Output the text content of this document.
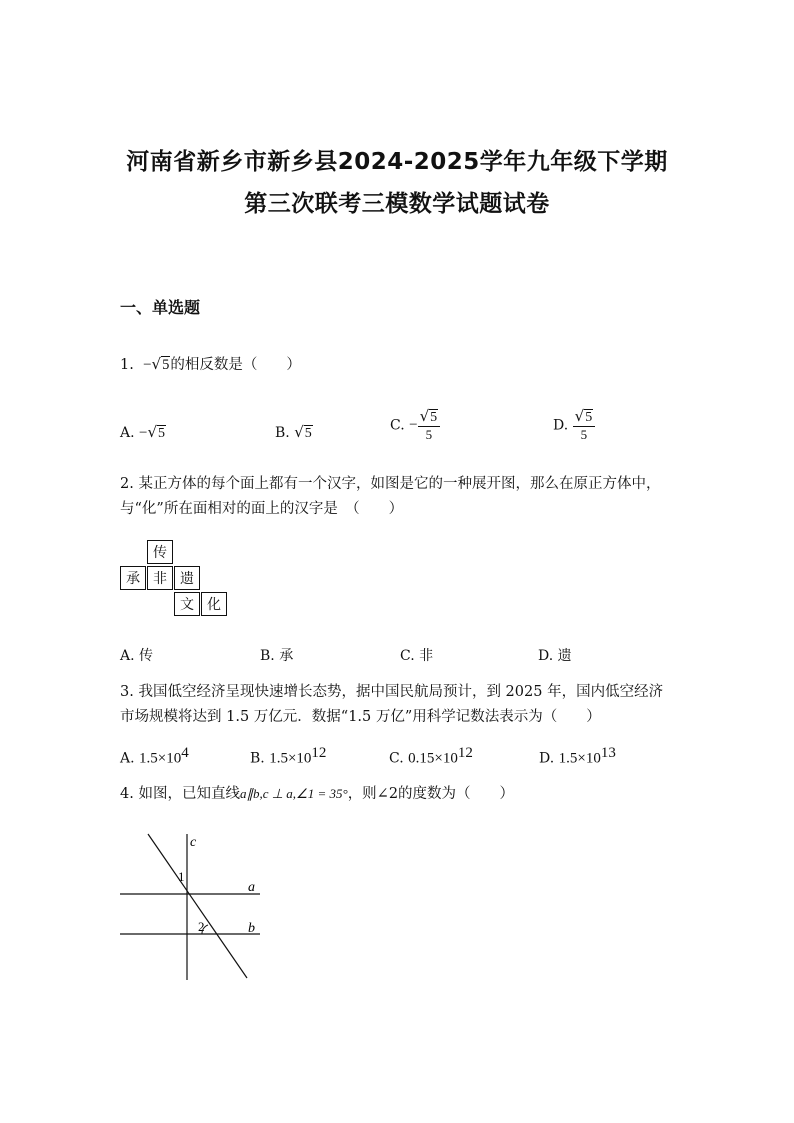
河南省新乡市新乡县2024-2025学年九年级下学期
第三次联考三模数学试题试卷
一、单选题
1. −√5的相反数是（　　）
A. −√5	B. √5	C. − $\frac{√5}{5}$	D. $\frac{√5}{5}$
2. 某正方体的每个面上都有一个汉字，如图是它的一种展开图，那么在原正方体中，与“化”所在面相对的面上的汉字是　（　　）
传
承 非 遗
文 化
A. 传	B. 承	C. 非	D. 遗
3. 我国低空经济呈现快速增长态势，据中国民航局预计，到 2025 年，国内低空经济市场规模将达到 1.5 万亿元．数据“1.5 万亿”用科学记数法表示为（　　）
A. $1.5\times 10^4$	B. $1.5\times 10^{12}$	C. $0.15\times 10^{12}$	D. $1.5\times 10^{13}$
4. 如图，已知直线a∥b,c ⊥ a,∠1 = 35°，则∠2的度数为（　　）
c
a
b
1
2
